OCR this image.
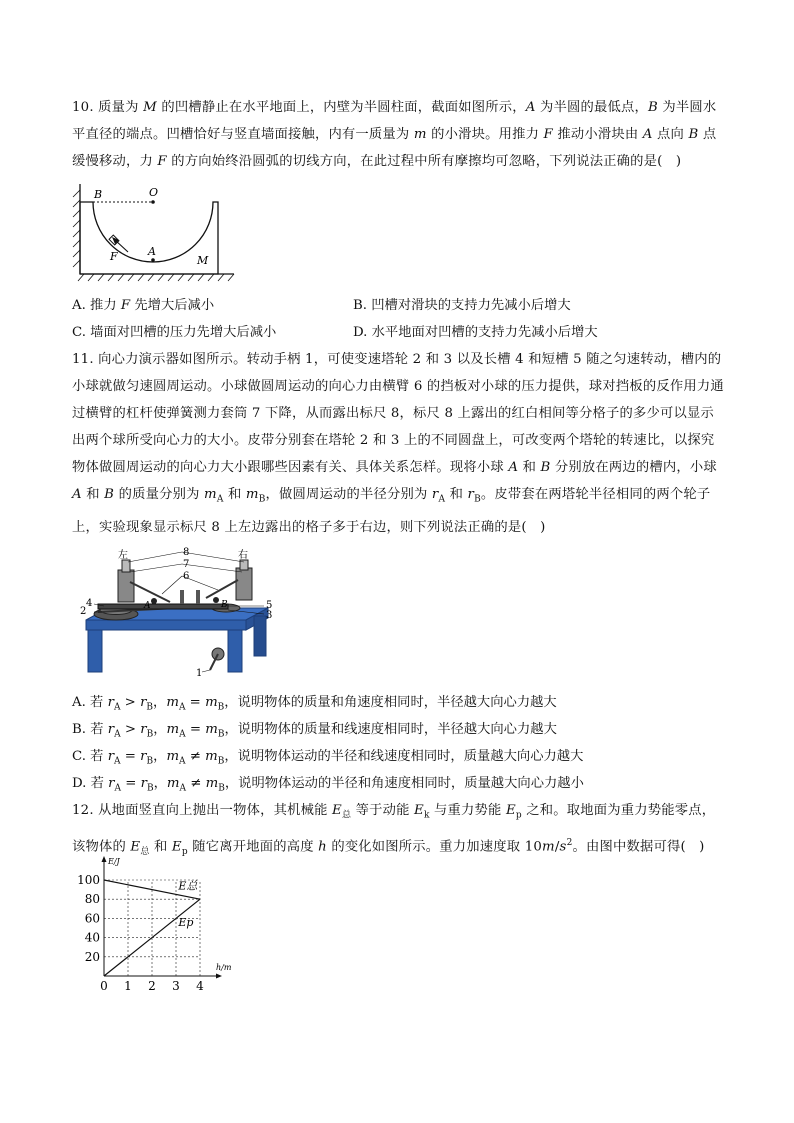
10. 质量为 M 的凹槽静止在水平地面上，内壁为半圆柱面，截面如图所示，A 为半圆的最低点，B 为半圆水平直径的端点。凹槽恰好与竖直墙面接触，内有一质量为 m 的小滑块。用推力 F 推动小滑块由 A 点向 B 点缓慢移动，力 F 的方向始终沿圆弧的切线方向，在此过程中所有摩擦均可忽略，下列说法正确的是(   )

B	O
A
F	M
A. 推力 F 先增大后减小	B. 凹槽对滑块的支持力先减小后增大
C. 墙面对凹槽的压力先增大后减小	D. 水平地面对凹槽的支持力先减小后增大

11. 向心力演示器如图所示。转动手柄 1，可使变速塔轮 2 和 3 以及长槽 4 和短槽 5 随之匀速转动，槽内的小球就做匀速圆周运动。小球做圆周运动的向心力由横臂 6 的挡板对小球的压力提供，球对挡板的反作用力通过横臂的杠杆使弹簧测力套筒 7 下降，从而露出标尺 8，标尺 8 上露出的红白相间等分格子的多少可以显示出两个球所受向心力的大小。皮带分别套在塔轮 2 和 3 上的不同圆盘上，可改变两个塔轮的转速比，以探究物体做圆周运动的向心力大小跟哪些因素有关、具体关系怎样。现将小球 A 和 B 分别放在两边的槽内，小球 A 和 B 的质量分别为 $m_A$ 和 $m_B$，做圆周运动的半径分别为 $r_A$ 和 $r_B$。皮带套在两塔轮半径相同的两个轮子上，实验现象显示标尺 8 上左边露出的格子多于右边，则下列说法正确的是(   )

左	右
8
7
6
2
4	5
3
1
A	B
A. 若 $r_A > r_B$，$m_A = m_B$，说明物体的质量和角速度相同时，半径越大向心力越大
B. 若 $r_A > r_B$，$m_A = m_B$，说明物体的质量和线速度相同时，半径越大向心力越大
C. 若 $r_A = r_B$，$m_A \ne m_B$，说明物体运动的半径和线速度相同时，质量越大向心力越大
D. 若 $r_A = r_B$，$m_A \ne m_B$，说明物体运动的半径和角速度相同时，质量越大向心力越小

12. 从地面竖直向上抛出一物体，其机械能 $E_总$ 等于动能 $E_k$ 与重力势能 $E_p$ 之和。取地面为重力势能零点，该物体的 $E_总$ 和 $E_p$ 随它离开地面的高度 h 的变化如图所示。重力加速度取 $10m/s^2$。由图中数据可得(   )

20
40
60
80
100
0 1 2 3 4
E/J
h/m
E总
Ep
